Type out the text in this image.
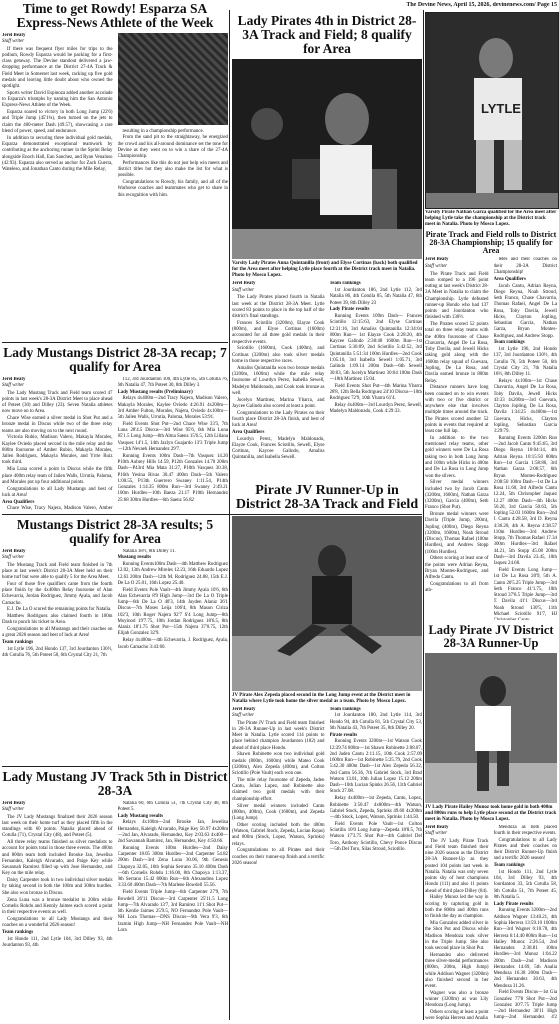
The Devine News, April 15, 2026, devinenews.com/ Page 15
Time to get Rowdy! Esparza SA Express-News Athlete of the Week

Jerel Beaty

Staff writer

If there was frequent flyer miles for trips to the podium, Rowdy Esparza would be packing for a first-class getaway. The Devine standout delivered a jaw-dropping performance at the District 27-4A Track & Field Meet in Somerset last week, racking up five gold medals and leaving little doubt about who owned the spotlight.

Sports writer David Espinoza added another accolade to Esparza's triumphs by naming him the San Antonio Express-News Athlete of the Week.

Esparza soared to victory in both Long Jump (22'6) and Triple Jump (45'1¾), then turned on the jets to claim the 400-meter Dash (49.57), showcasing a rare blend of power, speed, and endurance.

In addition to securing three individual gold medals, Esparza demonstrated exceptional teamwork by contributing as the anchoring runner in the Sprint Relay alongside Enoch Hall, Ean Sanchez, and Ryan Venaluso (42.93). Esparza also served as anchor for Zach Guerra, Wateleso, and Jonathan Canto during the Mile Relay,

resulting in a championship performance.

From the sand pit to the straightaway, he energized the crowd and his all-around dominance set the tone for Devine as they went on to win a share of the 27-4A Championship.

Performances like this do not just help win meets and district titles but they also make the list for what is possible.

Congratulations to Rowdy, his family, and all of the Warhorse coaches and teammates who get to share in this recognition with him.

Lady Pirates 4th in District 28-3A Track and Field; 8 qualify for Area
Varsity Lady Pirates Anna Quintanilla (front) and Elyse Cortinas (back) both qualified for the Area meet after helping Lytle place fourth at the District track meet in Natalia. Photo by Mosco Lopez.

Jerel Beaty

Staff writer

The Lady Pirates placed fourth in Natalia last week at the District 28-3A Meet. Lytle scored 83 points to place in the top half of the district's final standings.

Frances Sciotillo (3200m), Elayze Cook (800m), and Elyse Cortinas (1600m) accounted for all three gold medals in their respective events.

Sciotillo (1600m), Cook (400m), and Cortinas (3200m) also took silver medals home in those respective races.

Amaliss Quintanilla won two bronze medals (3200m, 1600m) while the mile relay foursome of Lourdyn Perez, Isabella Sewell, Madelyn Maldonado, and Cook took bronze as well.

Jocelyn Martinez, Marina Ybarra, and Jaycee Galindo also scored at least a point.

Congratulations to the Lady Pirates on their fourth place District 28-3A finish, and best of luck at Area!

Area Qualifiers

Lourdyn Perez, Madelyn Maldonado, Elayze Cook, Frances Sciotillo, Sewell, Elyse Cortinas, Kaycee Galindo, Amaliss Quintanilla, and Isabella Sewell.

Team rankings

1st Jourdanton 186, 2nd Lytle 112, 3rd Natalia 86, 4th Cotulla 85, 5th Natalia 47, 6th Poteet 39, 8th Dilley 23

Lady Pirate results

Running Events 100m Dash— Frances Sciotillo 12:15:63, 2nd Elyse Cortinas 12:31:16, 3rd Amaliss Quintanilla 12:34:04 800m Run— 1st Elayze Cook 2:28:20, 4th Kaycee Galindo 2:38:48 1600m Run—1st Cortinas 5:36:09, 2nd Sciotillo 5:42:52, 3rd Quintanilla 5:51:34 100m Hurdles—2nd Cook 1:05.10, 3rd Isabella Sewell 1:05.71, 3rd Galindo 1:09.14 200m Dash—6th Sewell 30:03, 5th Jocelyn Martinez 30:04 100m Dash—18th Martinez 15:04.

Field Events Shot Put—4th Marina Ybarra 28'8, 12th Bella Rodriguez 24'10 Discus—10th Rodriguez 72'9, 10th Ybarra 61'4.

Relay 4x400m—3rd Lourdyn Perez, Sewell, Madelyn Maldonado, Cook 4:29:33.

LYTLE
Varsity Pirate Nathan Garza qualified for the Area meet after helping Lytle take the championship at the District track meet in Natalia. Photo by Mosco Lopez.
Pirate Track and Field rolls to District 28-3A Championship; 15 qualify for Area

Jerel Beaty

Staff writer

The Pirate Track and Field team romped to a 196 point outing at last week's District 28-3A Meet in Natalia to claim the Championship. Lytle defeated runner-up Hondo who had 137 points and Jourdanton who finished with 130½.

The Pirates scored 52 points total on three relay teams with the 400m foursome of Chase Chavarria, Angel De La Rosa, Toby Davila, and Jewell Hicks taking gold along with the 1600m relay squad of Guevara, Jopling, De La Rosa, and Davila earned bronze in 800m Relay.

Distance runners have long been counted on to win events with two or five district or anywhere else that involves multiple times around the track. The Pirates scored another 52 points in events that required at least one full lap.

In addition to the two mentioned relay teams, other gold winners were De La Rosa taking two in both Long Jump and 100m while Hicks in 400m and De La Rosa in Long Jump won the silvers.

Silver medal winners included two by Jacob Cantu (3200m, 1600m), Nathan Garza (3200m), Garcia (400m), Seth Franco (Shot Put).

Bronze medal winners were Davila (Triple Jump, 200m), Jopling (400m), Diego Reyna (3200m, 1600m), Noah Stroud (Discus), Thomas Rafael (100m Hurdles), and Andrew Stopp (100m Hurdles).

Others scoring at least one of the points were Adrian Reyna, Bryan Montes-Rodriguez, and Alfredo Cantu.

Congratulations to all from ath-

letes and their coaches on their 28-3A District Championship!

Area Qualifiers

Jacob Cantu, Adrian Reyna, Diego Reyna, Noah Stroud, Seth Franco, Chase Chavarria, Thomas Rafael, Angel De La Rosa, Toby Davila, Jewell Hicks, Clayton Jopling, Sebastian Garcia, Nathan Garza, Bryan Montes-Rodriguez, and Andrew Stopp.

Team rankings

1st Lytle 196, 2nd Hondo 137, 3rd Jourdanton 130½, 4th Cotulla 76, 5th Poteet 50, 6th Crystal City 21, 7th Natalia 18½, 8th Dilley 11.

Relays 4x100m—1st Chase Chavarria, Angel De La Rosa, Toby Davila, Jewell Hicks 43:33 4x200m—3rd Guevara, Clayton Jopling, De La Rosa, Davila 1:34:25 4x400m—1st Guevara, Hicks, Clayton Jopling, Sebastian Garcia 3:29:79.

Running Events 3200m Run—2nd Jacob Cantu 9:45:65, 3rd Diego Reyna 10:04:14, 4th Adrian Reyna 10:15:50 800m Run—1st Garcia 1:58:86, 3rd Nathan Garza 2:06:57, 6th Bryan Montes-Rodriguez 2:08:50 100m Dash—1st De La Rosa 11.60, 3rd Alfredo Cantu 12.24, 5th Christopher Jaquez 12.27 400m Dash—4th Hicks 50.20, 3rd Garcia 50.63, 5th Jopling 52.03 1600m Run—2nd J. Cantu 4:28.58, 3rd D. Reyna 4:36.20, 4th A. Reyna 4:38.57 110m Hurdles—3rd Andrew Stopp, 7th Thomas Rafael 17.34 300m Hurdles—3rd Rafael 44.21, 5th Stopp 45.08 200m Dash—3rd Davila 23.45, 10th Jaquez 24.68.

Field Events Long Jump—1st De La Rosa 20'9, 5th A. Cantu 20'5.25 Triple Jump—3rd Seth Franco 41'1.75, 10th Stroud 37'8.5 Triple Jump—3rd T. Davila 41'1 Discus—3rd Noah Stroud 130'5, 11th Michael Sciotillo 91'7, HJ

Lady Mustangs District 28-3A recap; 7 qualify for Area

Jerel Beaty

Staff writer

The Lady Mustang Track and Field team scored 47 points in last week's 28-3A District Meet to place ahead of Poteet (30) and Dilley (23). Seven Natalia athletes now move on to Area.

Chace Wise earned a silver medal in Shot Put and a bronze medal in Discus while two of the three relay teams are also moving on to the next round.

Victoria Rubio, Madison Valero, Makayla Morales, Kaylee Oviedo placed second in the mile relay and the 800m foursome of Amber Rubio, Makayla Morales, Jailen Rodriguez, Makayla Morales, and Yrrie Ruiz took third.

Mia Luna scored a point in Discus while the fifth place 400m relay team of Jailen Walls, Urrutia, Paloma, and Morales put up four additional points.

Congratulations to all Lady Mustangs and best of luck at Area!

Area Qualifiers

Chace Wise, Tracy Najera, Madison Valero, Amber

112, 3rd Jourdanton 100, 4th Lytle 85, 5th Cotulla 76, 6th Natalia 47, 7th Poteet 30, 8th Dilley 3

Lady Mustang results (Preliminary)

Relays 4x400m—2nd Tracy Najera, Madison Valero, Makayla Morales, Kaylee Oviedo 4:26.91 4x200m—3rd Amber Fulton, Morales, Najera, Oviedo 4x100m—5th Jailen Walls, Urrutia, Paloma, Morales 53:91.

Field Events Shot Put—2nd Chace Wise 33'3, 7th Luna 28'4.5 Discus—3rd Wise 95'6, 6th Mia Luna 85'1.5 Long Jump—8th Alma Saenz 15'6.5, 12th Lillana Vasquez 14'1.5, 14th Jazlyn Guajardo 13'3 Triple Jump—12th Nevaeh Hernandez 29'7.

Running Events 100m Dash—7th Vasquez 14.20 P10th Aubrey Hills 14.59, P12th Gonzales 14.70 200m Dash—P43rd Mia Mata 31:27, P10th Vasquez 30.38, P16th Yesina Rivas 30.47 400m Dash—5th Valero 1:00.55, P13th Guerrero Swaney 1:11.54, P14th Gonzales 1:14.35 800m Run—3rd Swaney 2:49.21 100m Hurdles—10th Baeza 21.17 P10th Hernandez 25:68 300m Hurdles—6th Saenz 56.82

Pirate JV Runner-Up in District 28-3A Track and Field
JV Pirate Alex Zepeda placed second in the Long Jump event at the District meet in Natalia where Lytle took home the silver medal as a team. Photo by Mosco Lopez.

Jerel Beaty

Staff writer

The Pirate JV Track and Field team finished in 28-3A Runner-Up in last week's District Meet in Natalia. Lytle scored 114 points to place behind champion Jourdanton (182) and ahead of third place Hondo.

Shawn Robinette won two individual gold medals (800m, 1600m) while Mateo Cook (3200m), Alex Zepeda (400m), and Colton Sciotillo (Pole Vault) each won one.

The mile relay foursome of Zepeda, Jaden Cantu, Julian Lopez, and Robinette also claimed two gold medals with their championship effort.

Silver medal winners included Cantu (800m, 400m), Cook (1600m), and Zepeda (Long Jump).

Other scoring included both the 400m (Watson, Gabriel Stock, Zepeda, Lucian Rojas) and 800m (Stock, Lopez, Watson, Sprinks) relays.

Congratulations to all Pirates and their coaches on their runner-up finish and a terrific 2026 season!

Team rankings

1st Jourdanton 180, 2nd Lytle 114, 3rd Hondo 94, 4th Cotulla 81, 5th Crystal City 53, 6th Natalia 43, 7th Poteet 35, 8th Dilley 20.

Pirate results

Running Events 3200m—1st Watson Cook 12:39.74 800m—1st Shawn Robinette 2:08.07, 2nd Jaden Cantu 2:11.15, 10th Cook 2:57.09 1600m Run—1st Robinette 5:25.79, 2nd Cook 5:42.30 400m Dash—1st Alex Zepeda 56.32, 2nd Cantu 56.36, 7th Gabriel Stock, 3rd Brad Watson 13.01, 10th Julian Lopez 15.12 200m Dash—10th Lucian Spinks 26.56, 11th Gabriel Stock 27.08.

Relay 4x400m—1st Zepeda, Cantu, Lopez, Robinette 3:50.47 4x800m—4th Watson, Gabriel Stock, Zepeda, Sprinks 49.60 4x200m—4th Stock, Lopez, Watson, Sprinks 1:44.50.

Field Events Pole Vault—1st Colton Sciotillo 10'0 Long Jump—Zepeda 18'8.5, 7th Watson 17'3.75 Shot Put—4th Gabriel Del Toro, Anthony Sciotillo, Chevy Ponce Discus—5th Del Toro, Silas Stroud, Sciotillo.

Mustangs District 28-3A results; 5 qualify for Area

Jerel Beaty

Staff writer

The Mustang Track and Field team finished in 7th place at last week's District 28-3A Meet held on their home turf but were able to qualify 5 for the Area Meet.

Four of those five qualifiers came from the fourth place finish by the 4x400m Relay foursome of Alan Echevarria, Jordan Rodriguez, Jimmy Ayala, and Jacob Camacho.

E.J. De La O scored the remaining points for Natalia.

Matthew Rodriguez also claimed fourth in 100m Dash to punch his ticket to Area.

Congratulations to all Mustangs and their coaches on a great 2026 season and best of luck at Area!

Team rankings

1st Lytle 196, 2nd Hondo 137, 3rd Jourdanton 130½, 4th Cotulla 76, 5th Poteet 50, 6th Crystal City 21, 7th

Natalia 18½, 8th Dilley 11.

Mustang results

Running Events100m Dash—4th Matthew Rodriguez 12.02, 13th Andrew Mireles 12.23, 16th Eduardo Lopez 12.63 200m Dash—12th M. Rodriguez 24.88, 15th E.J. De La O 25.01, 16th Lopez 25.40.

Field Events Pole Vault—4th Jimmy Ayala 10'6, 6th Alan Echevarria 8'9 High Jump—3rd De La O Triple Jump—6th De La O 40'3, 14th Jayden Alaniz 36'1 Discus—7th Moses Leija 106'4, 8th Mason Ciriza 102'3, 10th Roger Najera 92'7 S'4 Long Jump—8th Moyinod 19'7.75, 10th Jordan Rodriguez 18'6.5, 8th Alaniz 18'1.75 Shot Put—15th Najera 37'0.75, 12th Elijah Gonzalez 32'9.

Relay 4x400m—4th Echevarria, J. Rodriguez, Ayala, Jacob Camacho 3:43:60.

Lady Mustang JV Track 5th in District 28-3A

Jerel Beaty

Staff writer

The JV Lady Mustangs finalized their 2026 season last week on their home turf as they placed fifth in the standings with 60 points. Natalia placed ahead of Cotulla (71), Crystal City (48), and Poteet (5).

All three relay teams finished as silver medalists to account for points total in those three events. The 400m and 800m team both included Brooke Jan, Jewelisa Fernandez, Kaleigh Alvarado, and Paige Key while Savannah Ramirez filled up with Jose Hernandez, and Key on the mile relay.

Daisy Carpenter took in two individual silver medals by taking second in both the 100m and 300m hurdles. She also won bronze in Discus.

Zena Luna was a bronze medalist in 200m while Cornelis Rohdu and Kennly Jaimes each scored a point in their respective events as well.

Congratulations to all Lady Mustangs and their coaches on a wonderful 2026 season!

Team rankings

1st Hondo 111, 2nd Lytle 104, 3rd Dilley 93, 4th Jourdanton 93, 4th

Natalia 60, 6th Cotulla 51, 7th Crystal City 48, 8th Poteet 5.

Lady Mustang results

Relays 4x100m—2nd Brooke Jan, Jewelisa Hernandez, Kaleigh Alvarado, Paige Key 56.97 4x200m—2nd Jan, Alvarado, Hernandez, Key 2:03.63 4x400—2nd Savannah Ramirez, Jan, Hernandez, Key 4:50.66.

Running Events 100m Hurdles—2nd Daisy Carpenter 18.05 300m Hurdles—2nd Carpenter 54.82 200m Dash—3rd Zena Luna 30.06, 9th Genesis Chapoya 32.05, 16th Sophia Serrano 35.10 400m Dash—6th Cornelis Rohdu 1:16.00, 8th Chapoya 1:13.37, 9th Serrano 15.42 800m Run—6th Alexandrea Lopez 3:33.60 400m Dash—7th Marlene Bowdell 55.56.

Field Events Triple Jump—6th Carpenter 27'9, 7th Bowdell 26'11 Discus—3rd Carpenter 25'11.5 Long Jump—7th Alvarado 13'7, 3rd Ramirez 11'1 Shot Put—6th Kenlie Jaimes 25'9.5, NO Fernandez Pole Vault—NH Lora Thomas—DNS Discus—9th Vera 9'3, 6th Jazmin High Jump—NH Fernandez Pole Vault—NH Lora

Lady Pirate JV District 28-3A Runner-Up
JV Lady Pirate Hailey Munoz took home gold in both 400m and 800m runs to help Lytle place second at the District track meet in Natalia. Photo by Mosco Lopez.

Jerel Beaty

Staff writer

The JV Lady Pirate Track and Field team finished their nine 2026 season as the District 28-3A Runner-Up as they posted 104 points last week in Natalia. Natalia was only seven points shy of host champions Hondo (111) and also 11 points ahead of third place Dilley (84).

Hailey Munoz led the way in scoring by capturing gold in both the 800m and 400m runs to finish the day as champion.

Mia Gonzalez added silver in the Shot Put and Discus while Madison Mendoza took silver in the Triple Jump. She also took second place in Shot Put.

Hernandez also delivered three silver-medal performances (800m, 200m, High Jump) while Addison Wagner (3200m) also finished second in her event.

Wagner was also a bronze winner (3200m) as was Lily Mendoza (Long Jump).

Others scoring at least a point were Sophia Herrera and Analia

Mendoza as both placed fourth in their respective events.

Congratulations to all Lady Pirates and their coaches on their District Runner-Up finish and a terrific 2026 season!

Team rankings

1st Hondo 111, 2nd Lytle 104, 3rd Dilley 93, 4th Jourdanton 33, 5th Cotulla 58, 6th Cotulla 51, 7th Poteet 45, 8th Natalia 5.

Lady Pirate results

Running Events 3200m—2nd Addison Wagner 13:40.21, 4th Sophia Herrera 13:59.10 1600m Run—3rd Wagner 6:10.78, 4th Herrera 6:14.40 800m Run—1st Hailey Munoz 2:26.54, 2nd Hernandez 2:38.81 100m Hurdles—3rd Munoz 1:04.22 200m Dash—2nd Madison Hernandez 14.69, 5th Analia Mendoza 16.38 200m Dash—2nd Hernandez 30.63, 4th Mendoza 31.26.

Field Events Discus—1st Gia Gonzalez 77'8 Shot Put—2nd Gonzalez 30'7.75 Triple Jump—2nd Hernandez 30'11 High Jump—2nd Hernandez 4'2
